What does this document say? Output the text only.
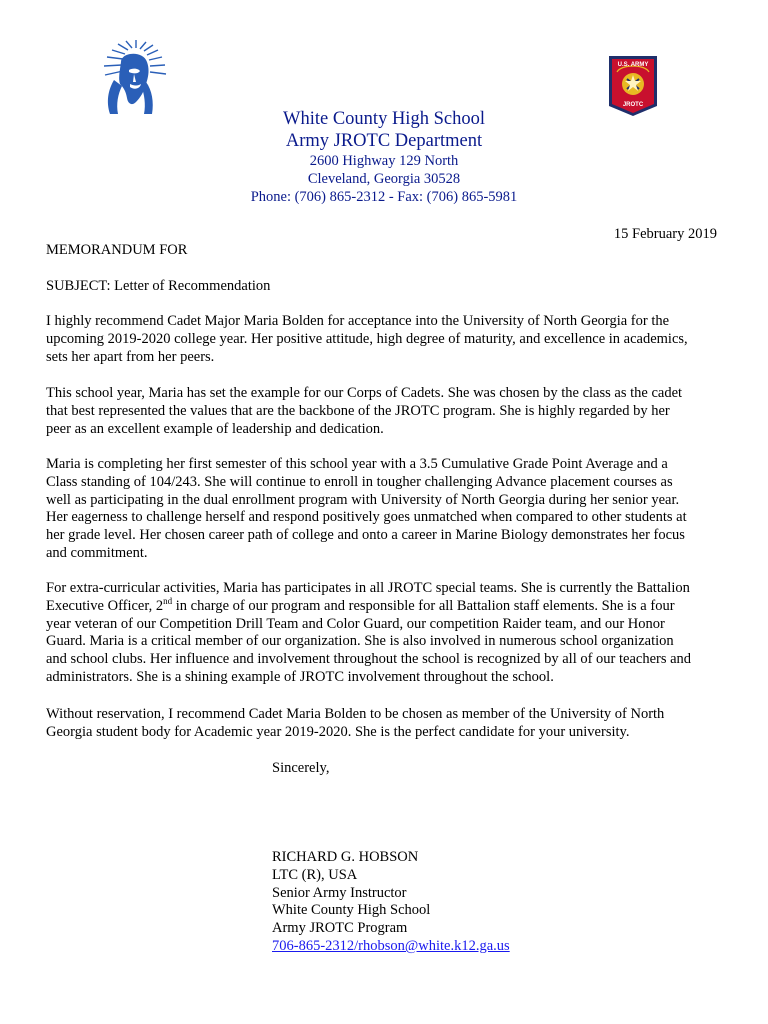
U.S. ARMY
JROTC
White County High School
Army JROTC Department
2600 Highway 129 North
Cleveland, Georgia 30528
Phone: (706) 865-2312 - Fax: (706) 865-5981
15 February 2019
MEMORANDUM FOR
SUBJECT: Letter of Recommendation
I highly recommend Cadet Major Maria Bolden for acceptance into the University of North Georgia for the
upcoming 2019-2020 college year. Her positive attitude, high degree of maturity, and excellence in academics,
sets her apart from her peers.
This school year, Maria has set the example for our Corps of Cadets. She was chosen by the class as the cadet
that best represented the values that are the backbone of the JROTC program. She is highly regarded by her
peer as an excellent example of leadership and dedication.
Maria is completing her first semester of this school year with a 3.5 Cumulative Grade Point Average and a
Class standing of 104/243. She will continue to enroll in tougher challenging Advance placement courses as
well as participating in the dual enrollment program with University of North Georgia during her senior year.
Her eagerness to challenge herself and respond positively goes unmatched when compared to other students at
her grade level. Her chosen career path of college and onto a career in Marine Biology demonstrates her focus
and commitment.
For extra-curricular activities, Maria has participates in all JROTC special teams. She is currently the Battalion
Executive Officer, 2nd in charge of our program and responsible for all Battalion staff elements. She is a four
year veteran of our Competition Drill Team and Color Guard, our competition Raider team, and our Honor
Guard. Maria is a critical member of our organization. She is also involved in numerous school organization
and school clubs. Her influence and involvement throughout the school is recognized by all of our teachers and
administrators. She is a shining example of JROTC involvement throughout the school.
Without reservation, I recommend Cadet Maria Bolden to be chosen as member of the University of North
Georgia student body for Academic year 2019-2020. She is the perfect candidate for your university.
Sincerely,
RICHARD G. HOBSON
LTC (R), USA
Senior Army Instructor
White County High School
Army JROTC Program
706-865-2312/rhobson@white.k12.ga.us
